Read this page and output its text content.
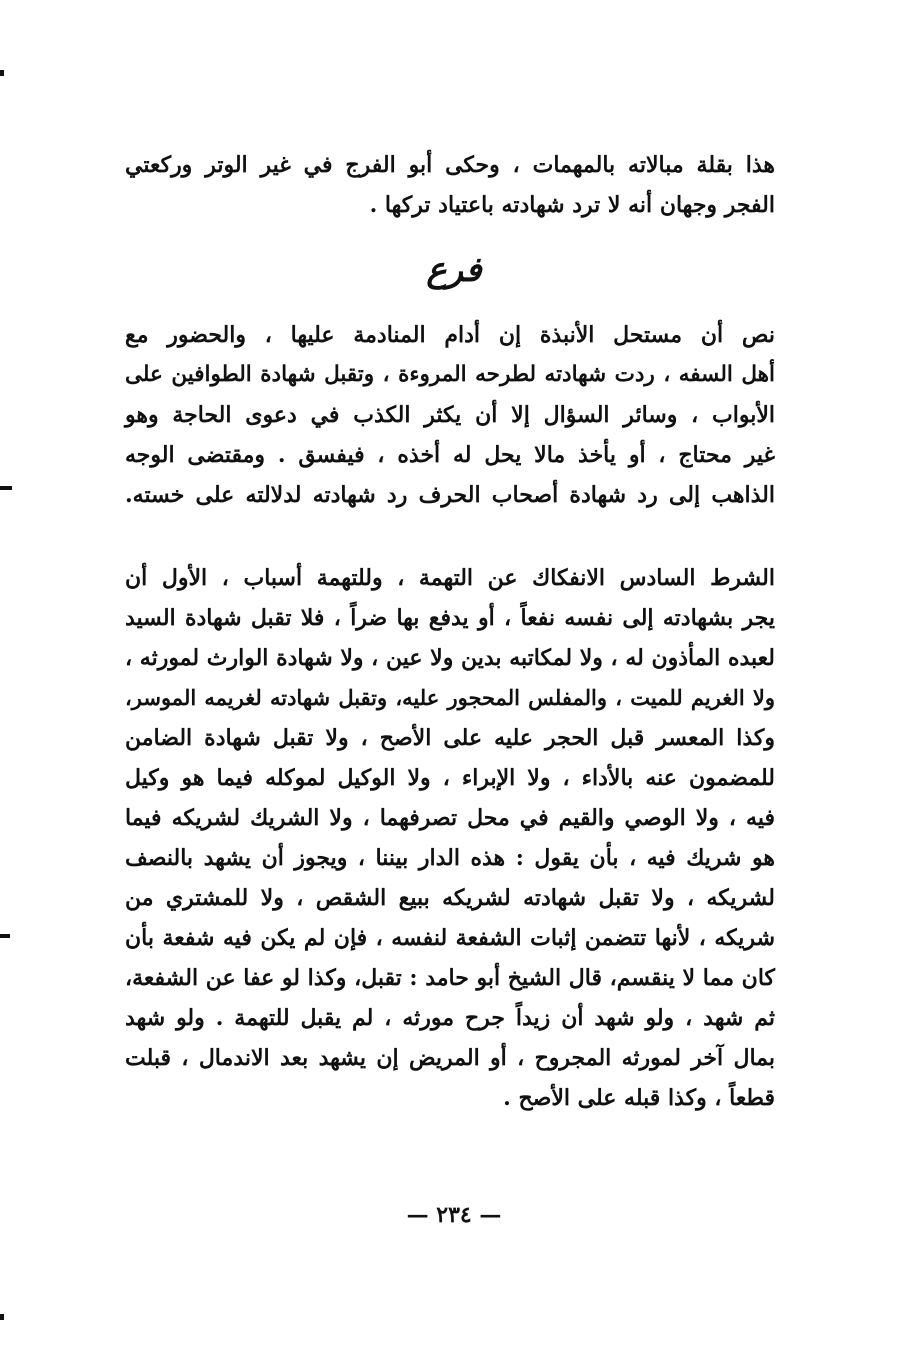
هذا بقلة مبالاته بالمهمات ، وحكى أبو الفرج في غير الوتر وركعتي
الفجر وجهان أنه لا ترد شهادته باعتياد تركها .
فرع
نص أن مستحل الأنبذة إن أدام المنادمة عليها ، والحضور مع
أهل السفه ، ردت شهادته لطرحه المروءة ، وتقبل شهادة الطوافين على
الأبواب ، وسائر السؤال إلا أن يكثر الكذب في دعوى الحاجة وهو
غير محتاج ، أو يأخذ مالا يحل له أخذه ، فيفسق . ومقتضى الوجه
الذاهب إلى رد شهادة أصحاب الحرف رد شهادته لدلالته على خسته.
الشرط السادس الانفكاك عن التهمة ، وللتهمة أسباب ، الأول أن
يجر بشهادته إلى نفسه نفعاً ، أو يدفع بها ضراً ، فلا تقبل شهادة السيد
لعبده المأذون له ، ولا لمكاتبه بدين ولا عين ، ولا شهادة الوارث لمورثه ،
ولا الغريم للميت ، والمفلس المحجور عليه، وتقبل شهادته لغريمه الموسر،
وكذا المعسر قبل الحجر عليه على الأصح ، ولا تقبل شهادة الضامن
للمضمون عنه بالأداء ، ولا الإبراء ، ولا الوكيل لموكله فيما هو وكيل
فيه ، ولا الوصي والقيم في محل تصرفهما ، ولا الشريك لشريكه فيما
هو شريك فيه ، بأن يقول : هذه الدار بيننا ، ويجوز أن يشهد بالنصف
لشريكه ، ولا تقبل شهادته لشريكه ببيع الشقص ، ولا للمشتري من
شريكه ، لأنها تتضمن إثبات الشفعة لنفسه ، فإن لم يكن فيه شفعة بأن
كان مما لا ينقسم، قال الشيخ أبو حامد : تقبل، وكذا لو عفا عن الشفعة،
ثم شهد ، ولو شهد أن زيداً جرح مورثه ، لم يقبل للتهمة . ولو شهد
بمال آخر لمورثه المجروح ، أو المريض إن يشهد بعد الاندمال ، قبلت
قطعاً ، وكذا قبله على الأصح .
— ٢٣٤ —
